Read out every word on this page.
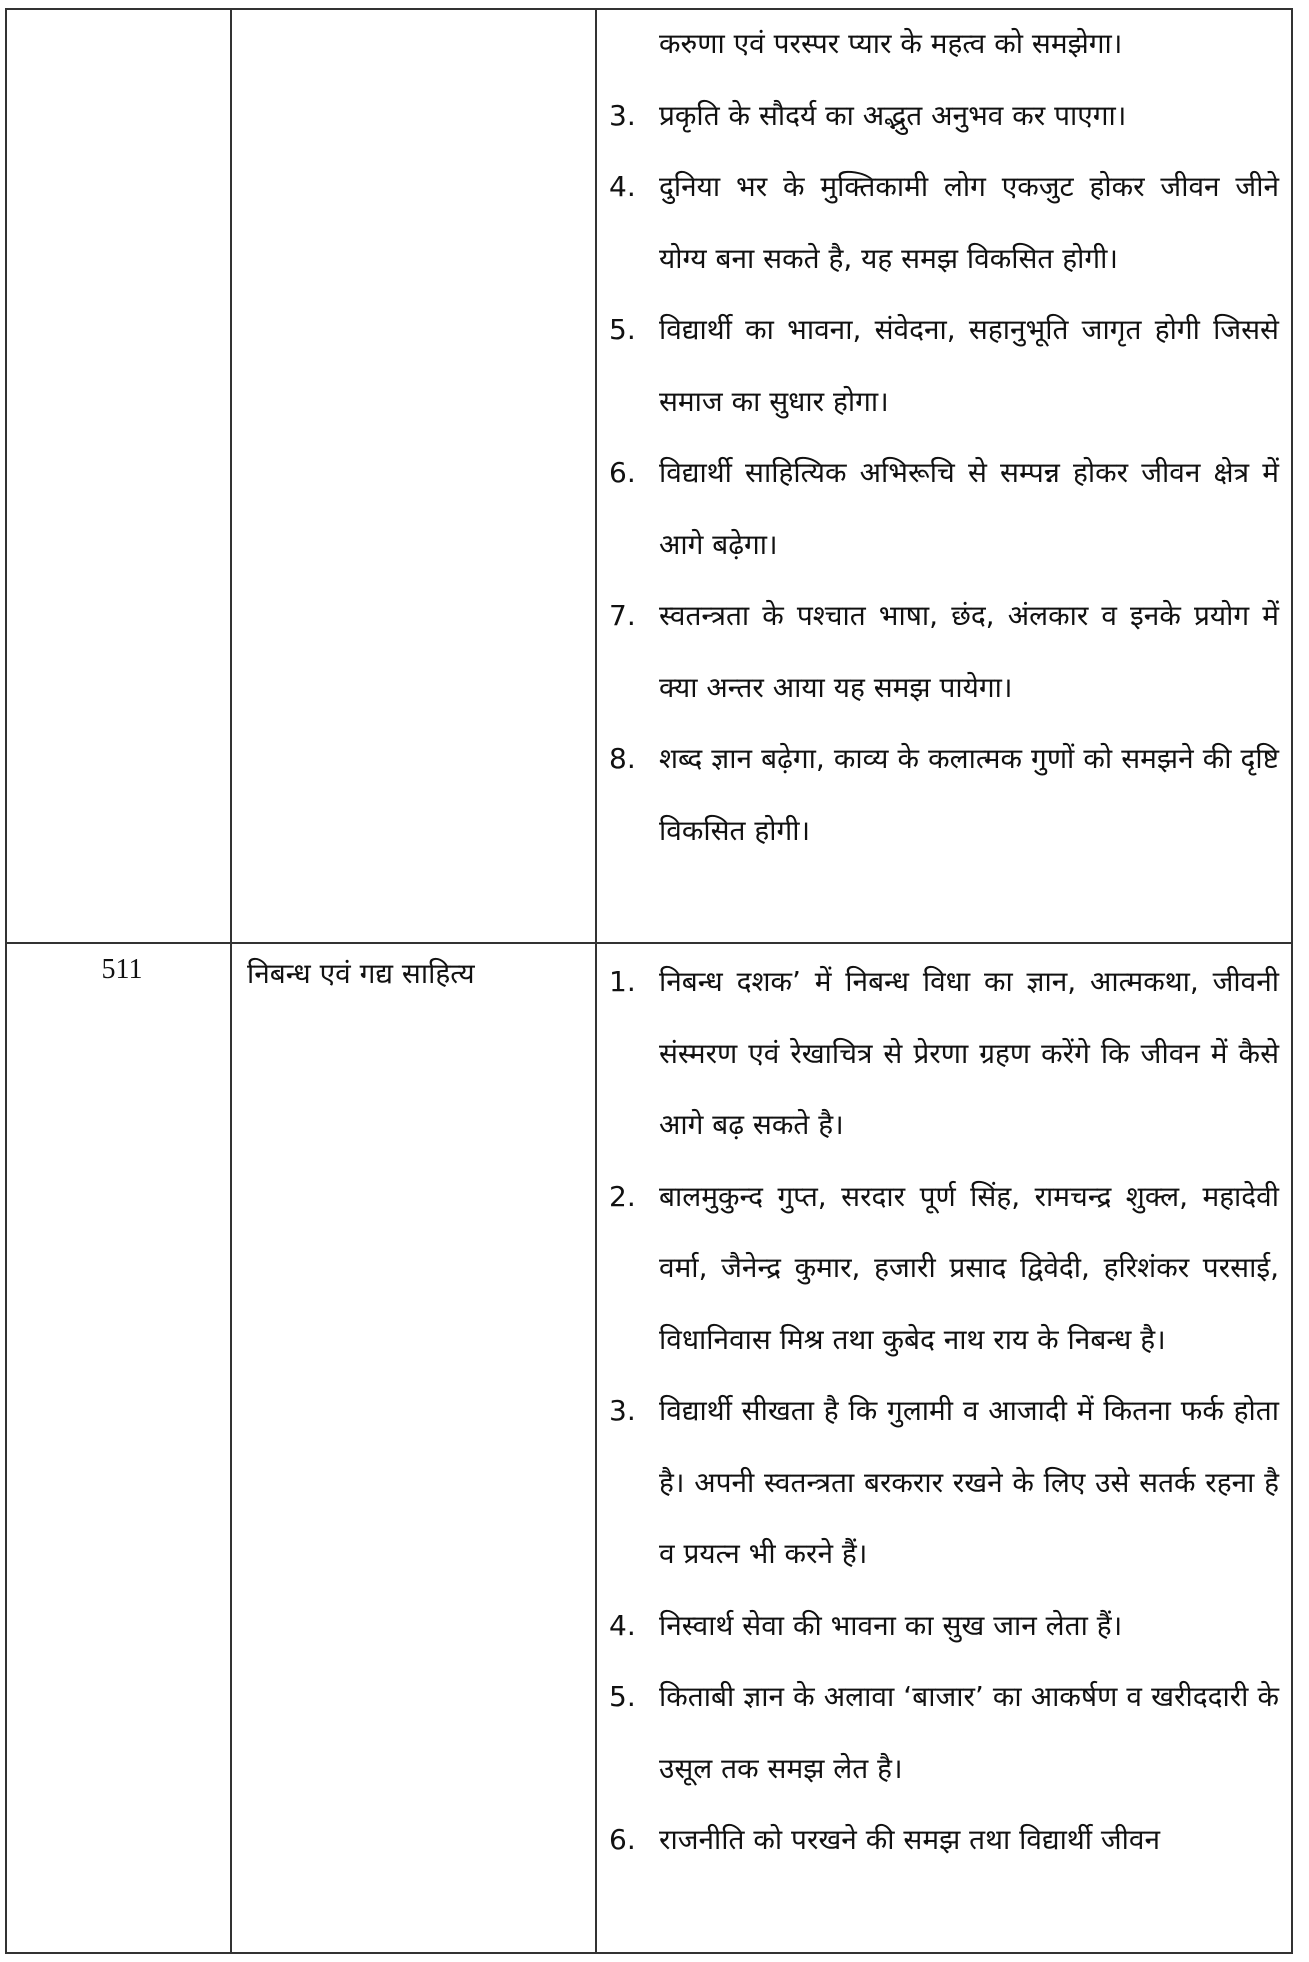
करुणा एवं परस्पर प्यार के महत्व को समझेगा।
3. प्रकृति के सौदर्य का अद्भुत अनुभव कर पाएगा।
4. दुनिया भर के मुक्तिकामी लोग एकजुट होकर जीवन जीने योग्य बना सकते है, यह समझ विकसित होगी।
5. विद्यार्थी का भावना, संवेदना, सहानुभूति जागृत होगी जिससे समाज का सुधार होगा।
6. विद्यार्थी साहित्यिक अभिरूचि से सम्पन्न होकर जीवन क्षेत्र में आगे बढ़ेगा।
7. स्वतन्त्रता के पश्चात भाषा, छंद, अंलकार व इनके प्रयोग में क्या अन्तर आया यह समझ पायेगा।
8. शब्द ज्ञान बढ़ेगा, काव्य के कलात्मक गुणों को समझने की दृष्टि विकसित होगी।
511	निबन्ध एवं गद्य साहित्य	1. निबन्ध दशक’ में निबन्ध विधा का ज्ञान, आत्मकथा, जीवनी संस्मरण एवं रेखाचित्र से प्रेरणा ग्रहण करेंगे कि जीवन में कैसे आगे बढ़ सकते है।
2. बालमुकुन्द गुप्त, सरदार पूर्ण सिंह, रामचन्द्र शुक्ल, महादेवी वर्मा, जैनेन्द्र कुमार, हजारी प्रसाद द्विवेदी, हरिशंकर परसाई, विधानिवास मिश्र तथा कुबेद नाथ राय के निबन्ध है।
3. विद्यार्थी सीखता है कि गुलामी व आजादी में कितना फर्क होता है। अपनी स्वतन्त्रता बरकरार रखने के लिए उसे सतर्क रहना है व प्रयत्न भी करने हैं।
4. निस्वार्थ सेवा की भावना का सुख जान लेता हैं।
5. किताबी ज्ञान के अलावा ‘बाजार’ का आकर्षण व खरीददारी के उसूल तक समझ लेत है।
6. राजनीति को परखने की समझ तथा विद्यार्थी जीवन
